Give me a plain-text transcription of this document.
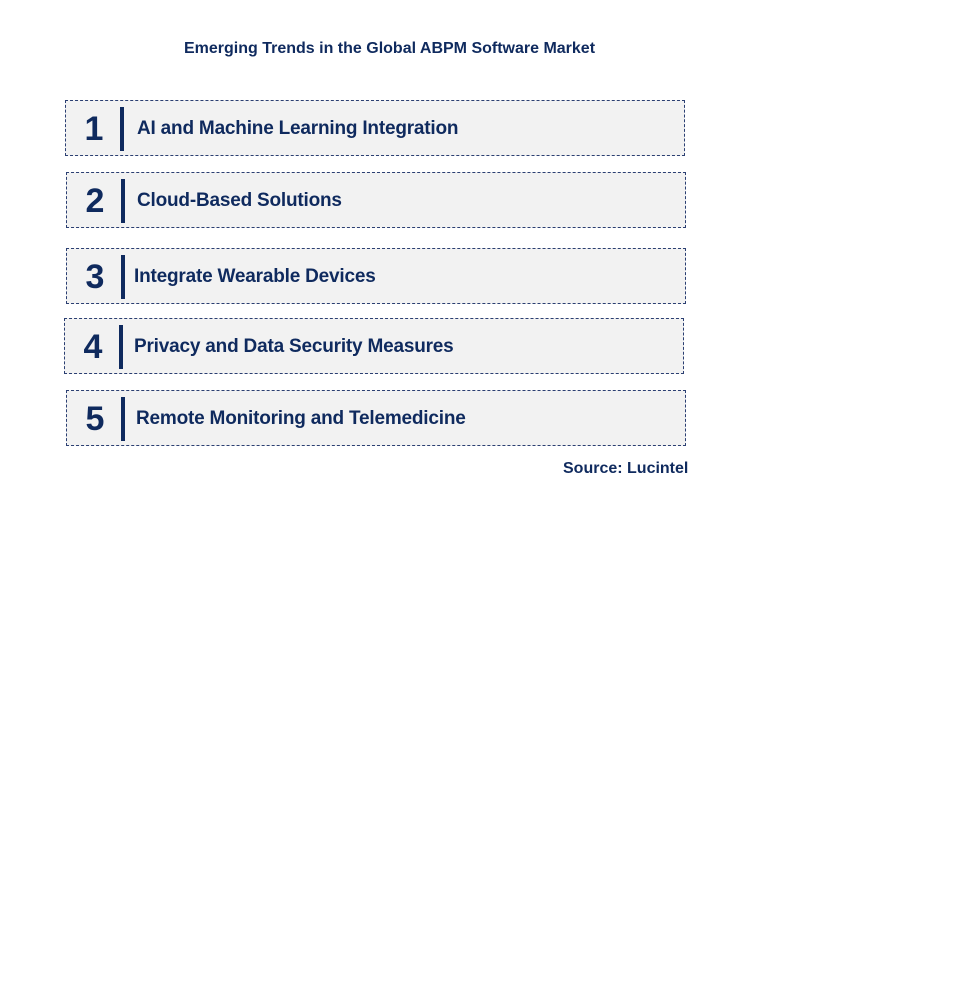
Emerging Trends in the Global ABPM Software Market
1 AI and Machine Learning Integration
2 Cloud-Based Solutions
3 Integrate Wearable Devices
4 Privacy and Data Security Measures
5 Remote Monitoring and Telemedicine
Source: Lucintel
